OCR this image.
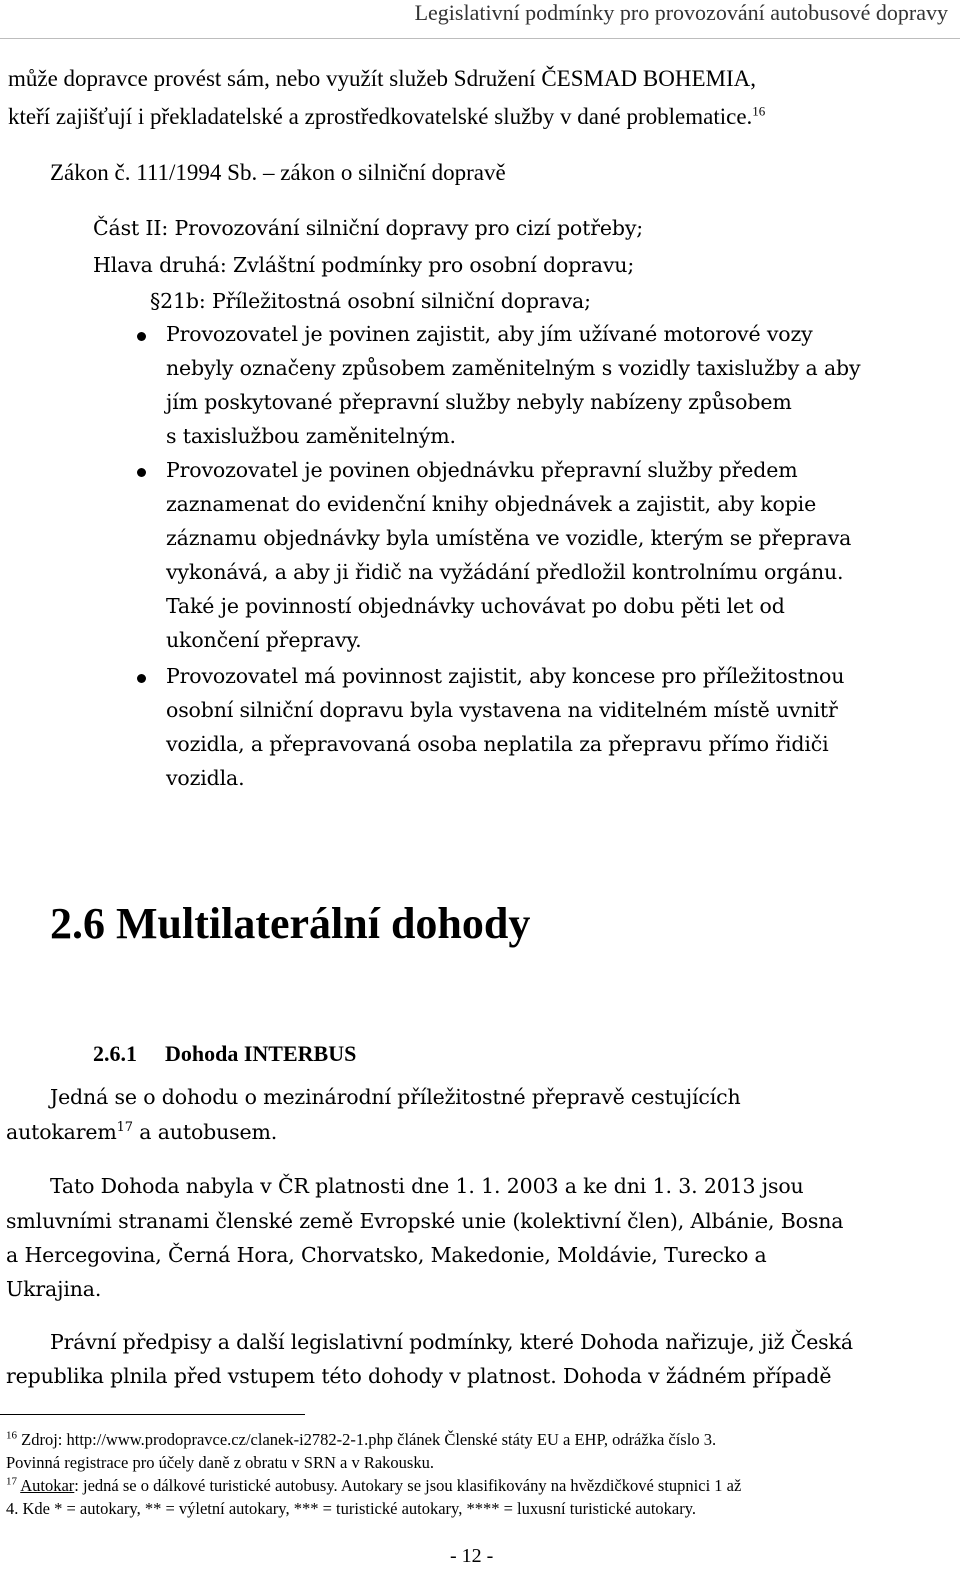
Legislativní podmínky pro provozování autobusové dopravy
může dopravce provést sám, nebo využít služeb Sdružení ČESMAD BOHEMIA,
kteří zajišťují i překladatelské a zprostředkovatelské služby v dané problematice.$^{16}$
Zákon č. 111/1994 Sb. – zákon o silniční dopravě
Část II: Provozování silniční dopravy pro cizí potřeby;
Hlava druhá: Zvláštní podmínky pro osobní dopravu;
§21b: Příležitostná osobní silniční doprava;
Provozovatel je povinen zajistit, aby jím užívané motorové vozy
nebyly označeny způsobem zaměnitelným s vozidly taxislužby a aby
jím poskytované přepravní služby nebyly nabízeny způsobem
s taxislužbou zaměnitelným.
Provozovatel je povinen objednávku přepravní služby předem
zaznamenat do evidenční knihy objednávek a zajistit, aby kopie
záznamu objednávky byla umístěna ve vozidle, kterým se přeprava
vykonává, a aby ji řidič na vyžádání předložil kontrolnímu orgánu.
Také je povinností objednávky uchovávat po dobu pěti let od
ukončení přepravy.
Provozovatel má povinnost zajistit, aby koncese pro příležitostnou
osobní silniční dopravu byla vystavena na viditelném místě uvnitř
vozidla, a přepravovaná osoba neplatila za přepravu přímo řidiči
vozidla.
2.6 Multilaterální dohody
2.6.1 Dohoda INTERBUS
Jedná se o dohodu o mezinárodní příležitostné přepravě cestujících
autokarem$^{17}$ a autobusem.
Tato Dohoda nabyla v ČR platnosti dne 1. 1. 2003 a ke dni 1. 3. 2013 jsou
smluvními stranami členské země Evropské unie (kolektivní člen), Albánie, Bosna
a Hercegovina, Černá Hora, Chorvatsko, Makedonie, Moldávie, Turecko a
Ukrajina.
Právní předpisy a další legislativní podmínky, které Dohoda nařizuje, již Česká
republika plnila před vstupem této dohody v platnost. Dohoda v žádném případě
$^{16}$ Zdroj: http://www.prodopravce.cz/clanek-i2782-2-1.php článek Členské státy EU a EHP, odrážka číslo 3.
Povinná registrace pro účely daně z obratu v SRN a v Rakousku.
$^{17}$ Autokar: jedná se o dálkové turistické autobusy. Autokary se jsou klasifikovány na hvězdičkové stupnici 1 až
4. Kde * = autokary, ** = výletní autokary, *** = turistické autokary, **** = luxusní turistické autokary.
- 12 -
